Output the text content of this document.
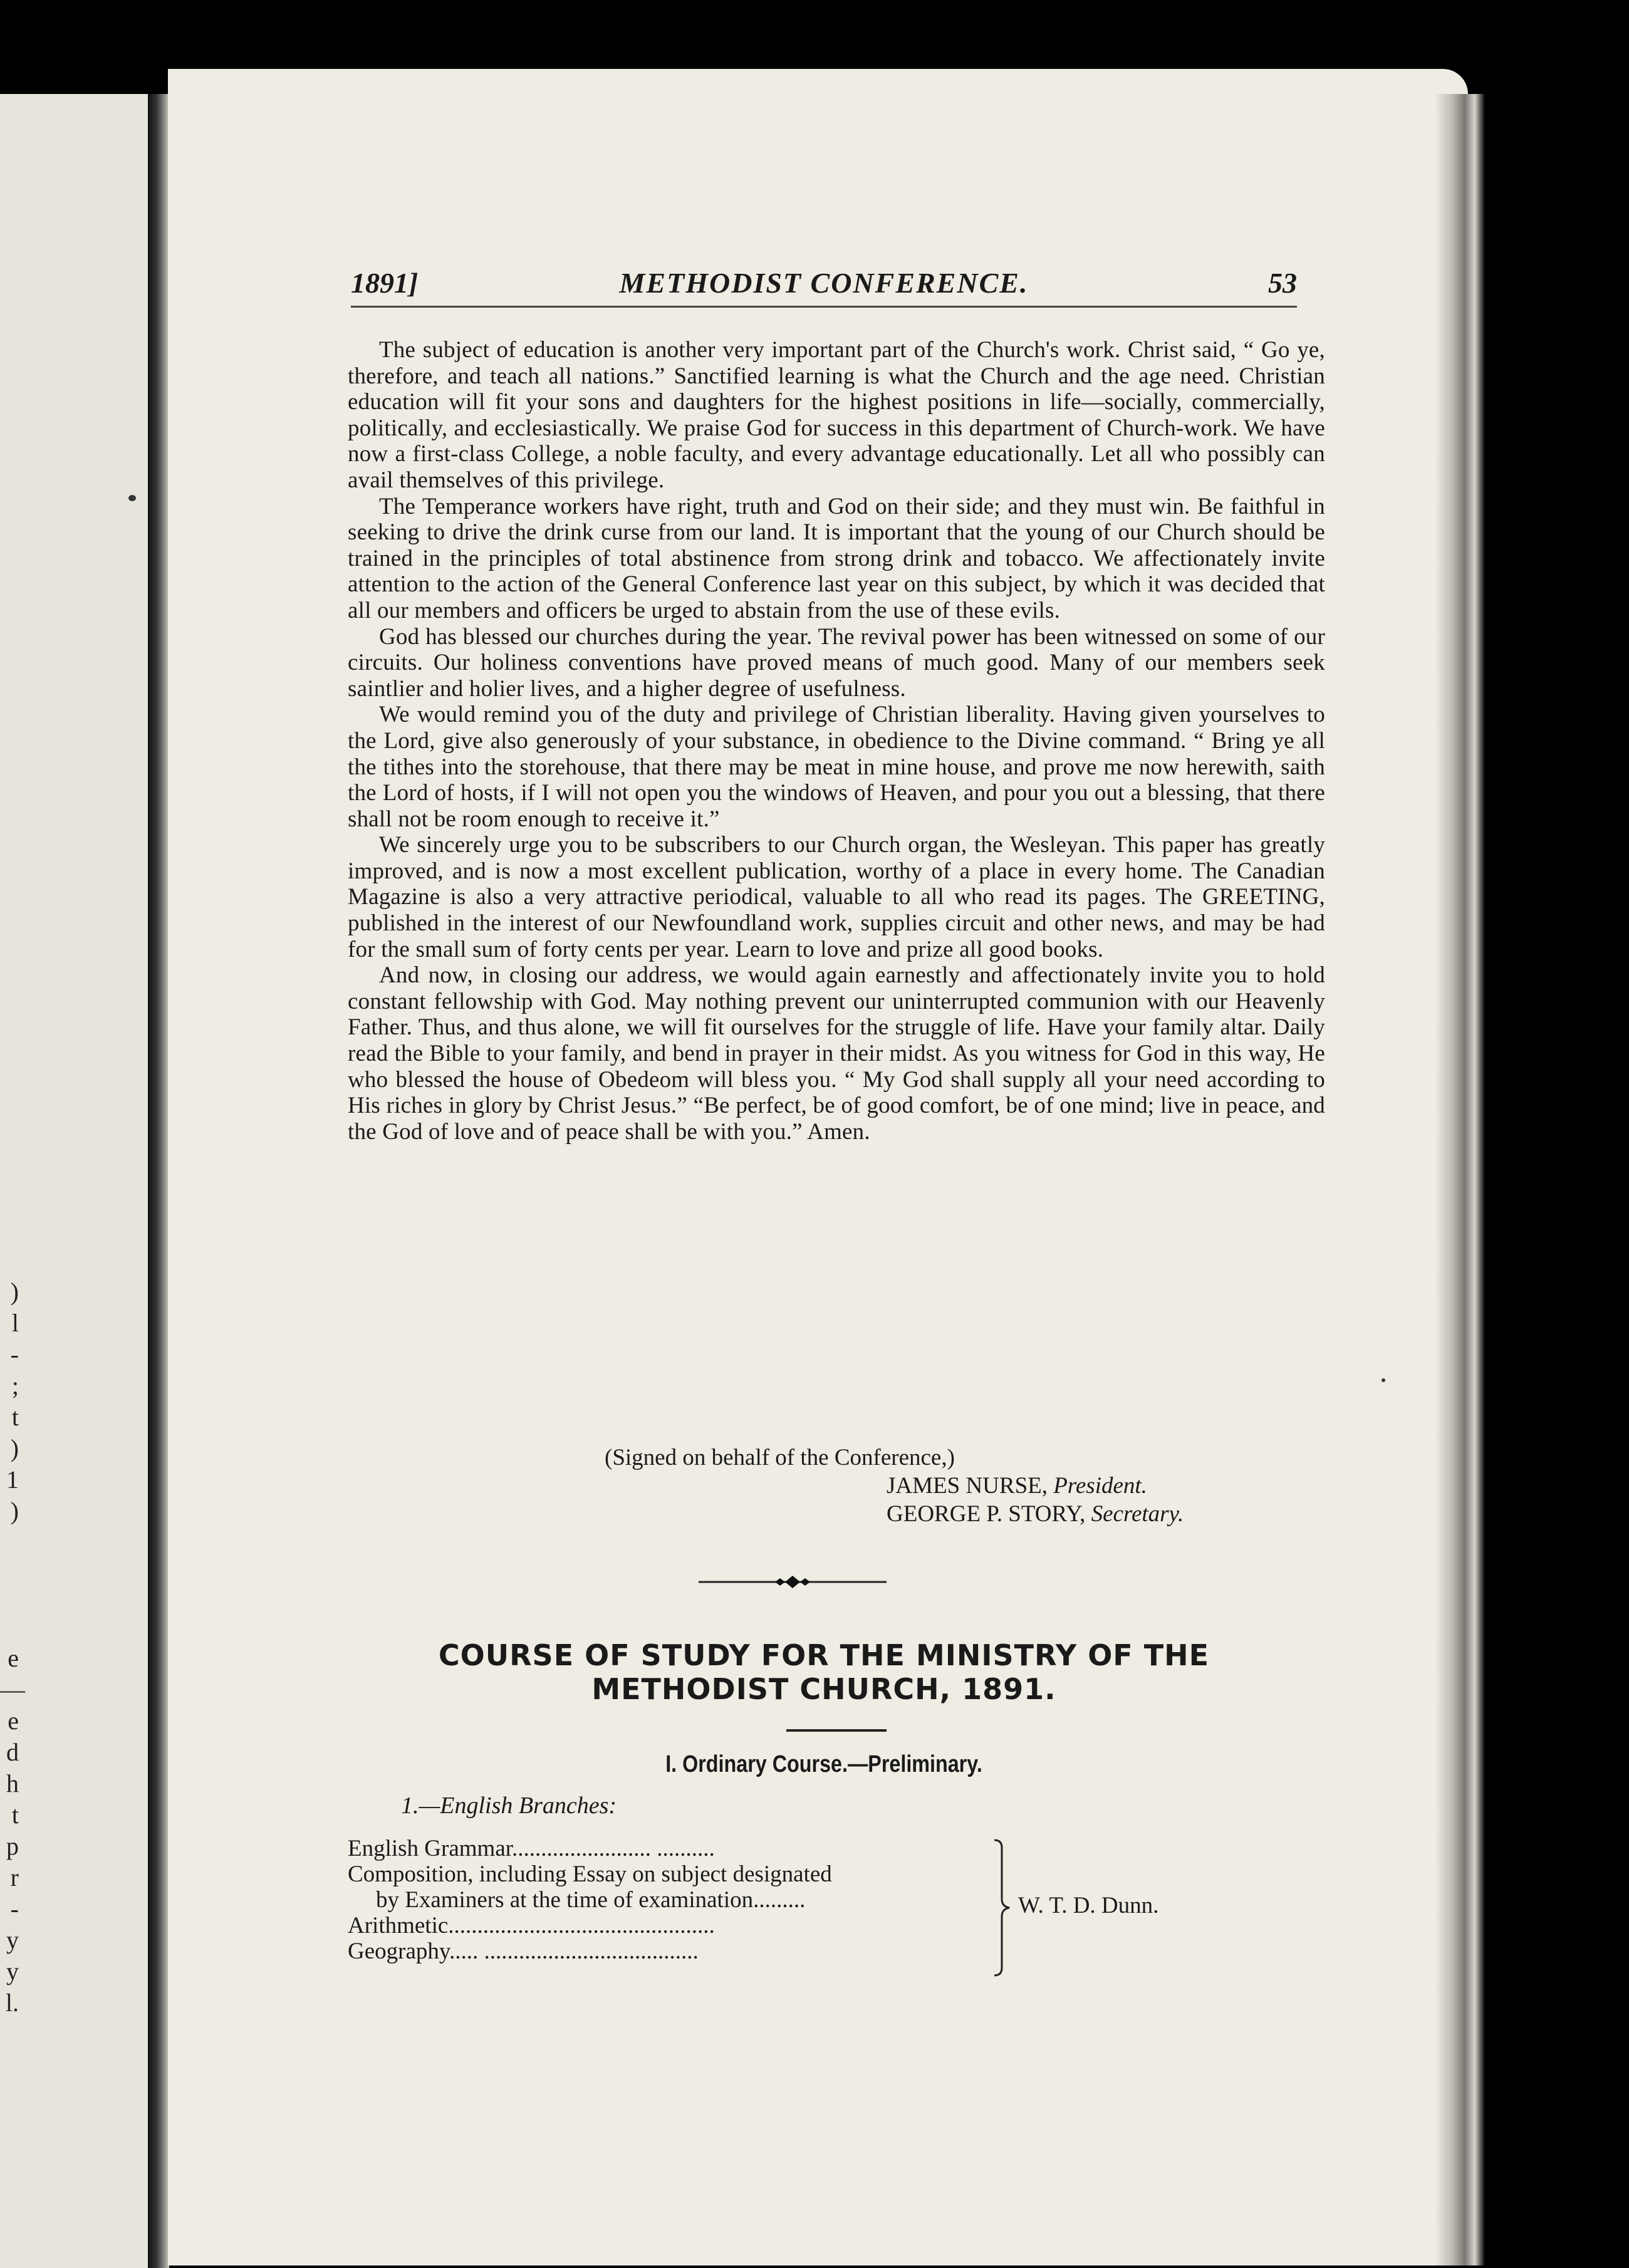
)
l
-
;
t
)
1
)
e
—
e
d
h
t
p
r
-
y
y
l.
1891]	METHODIST CONFERENCE.	53

The subject of education is another very important part of the Church's work. Christ said, “ Go ye, therefore, and teach all nations.” Sanctified learning is what the Church and the age need. Christian education will fit your sons and daughters for the highest positions in life—socially, commercially, politically, and ecclesiastically. We praise God for success in this department of Church-work. We have now a first-class College, a noble faculty, and every advantage educationally. Let all who possibly can avail themselves of this privilege.

The Temperance workers have right, truth and God on their side; and they must win. Be faithful in seeking to drive the drink curse from our land. It is important that the young of our Church should be trained in the principles of total abstinence from strong drink and tobacco. We affectionately invite attention to the action of the General Conference last year on this subject, by which it was decided that all our members and officers be urged to abstain from the use of these evils.

God has blessed our churches during the year. The revival power has been witnessed on some of our circuits. Our holiness conventions have proved means of much good. Many of our members seek saintlier and holier lives, and a higher degree of usefulness.

We would remind you of the duty and privilege of Christian liberality. Having given yourselves to the Lord, give also generously of your substance, in obedience to the Divine command. “ Bring ye all the tithes into the storehouse, that there may be meat in mine house, and prove me now herewith, saith the Lord of hosts, if I will not open you the windows of Heaven, and pour you out a blessing, that there shall not be room enough to receive it.”

We sincerely urge you to be subscribers to our Church organ, the Wesleyan. This paper has greatly improved, and is now a most excellent publication, worthy of a place in every home. The Canadian Magazine is also a very attractive periodical, valuable to all who read its pages. The GREETING, published in the interest of our Newfoundland work, supplies circuit and other news, and may be had for the small sum of forty cents per year. Learn to love and prize all good books.

And now, in closing our address, we would again earnestly and affectionately invite you to hold constant fellowship with God. May nothing prevent our uninterrupted communion with our Heavenly Father. Thus, and thus alone, we will fit ourselves for the struggle of life. Have your family altar. Daily read the Bible to your family, and bend in prayer in their midst. As you witness for God in this way, He who blessed the house of Obedeom will bless you. “ My God shall supply all your need according to His riches in glory by Christ Jesus.” “Be perfect, be of good comfort, be of one mind; live in peace, and the God of love and of peace shall be with you.” Amen.

(Signed on behalf of the Conference,)
JAMES NURSE, President.
GEORGE P. STORY, Secretary.
COURSE OF STUDY FOR THE MINISTRY OF THE
METHODIST CHURCH, 1891.
I. Ordinary Course.—Preliminary.
1.—English Branches:
English Grammar........................ ..........
Composition, including Essay on subject designated
by Examiners at the time of examination.........
Arithmetic..............................................
Geography..... .....................................
W. T. D. Dunn.
